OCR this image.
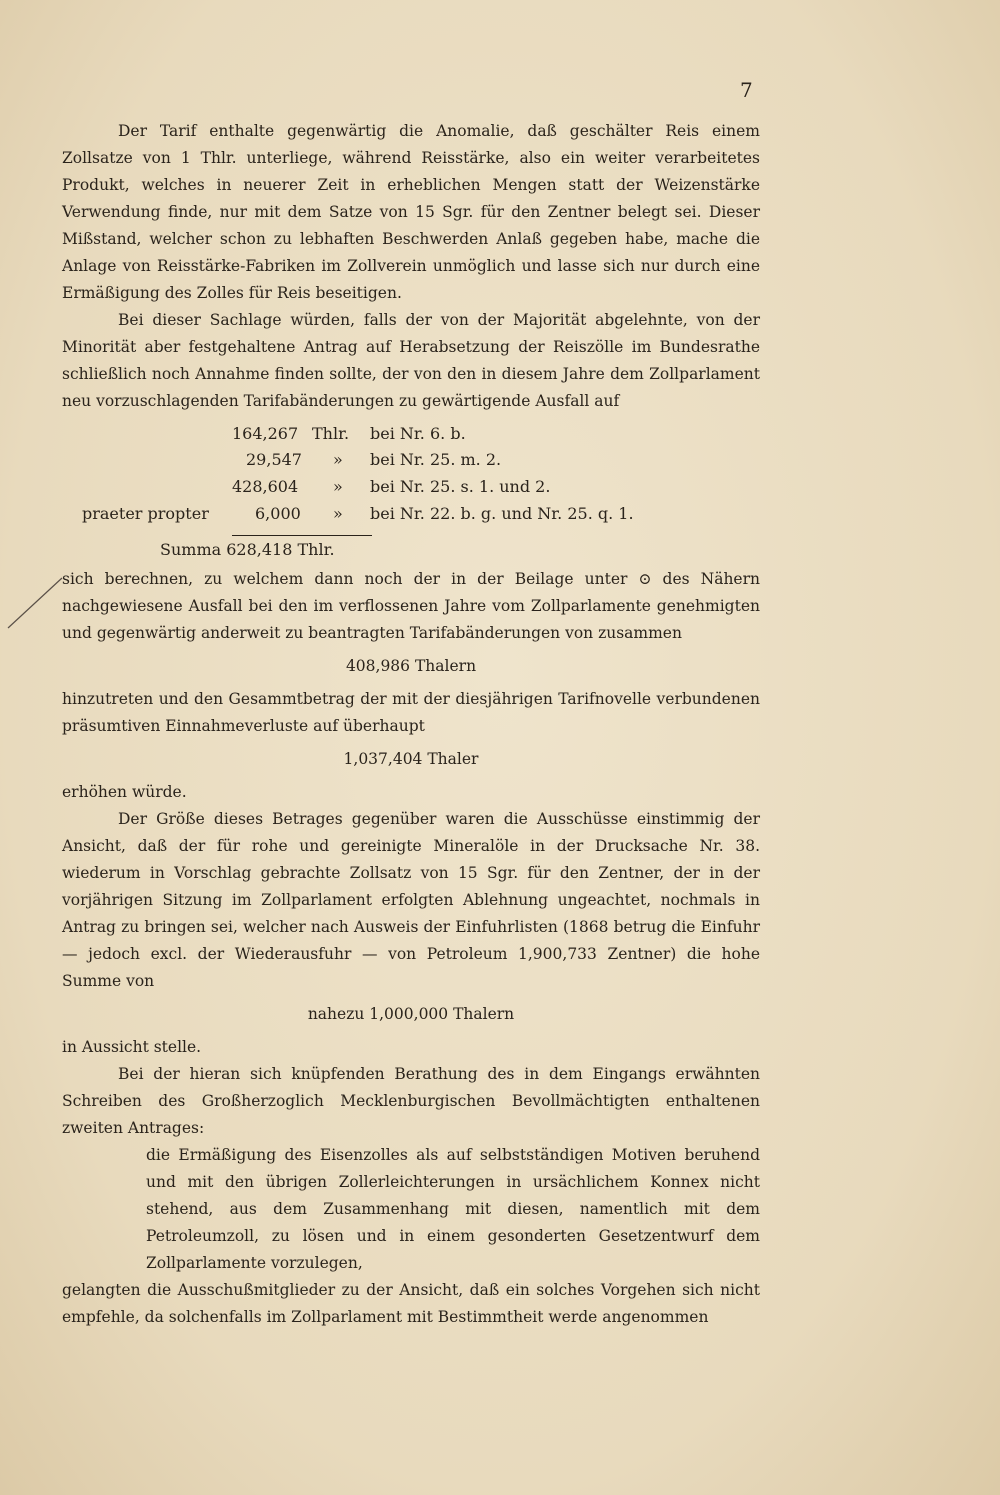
7

Der Tarif enthalte gegenwärtig die Anomalie, daß geschälter Reis einem Zollsatze von 1 Thlr. unterliege, während Reisstärke, also ein weiter verarbeitetes Produkt, welches in neuerer Zeit in erheblichen Mengen statt der Weizenstärke Verwendung finde, nur mit dem Satze von 15 Sgr. für den Zentner belegt sei. Dieser Mißstand, welcher schon zu lebhaften Beschwerden Anlaß gegeben habe, mache die Anlage von Reisstärke-Fabriken im Zollverein unmöglich und lasse sich nur durch eine Ermäßigung des Zolles für Reis beseitigen.

Bei dieser Sachlage würden, falls der von der Majorität abgelehnte, von der Minorität aber festgehaltene Antrag auf Herabsetzung der Reiszölle im Bundesrathe schließlich noch Annahme finden sollte, der von den in diesem Jahre dem Zollparlament neu vorzuschlagenden Tarifabänderungen zu gewärtigende Ausfall auf

164,267 Thlr. bei Nr. 6. b.
29,547 » bei Nr. 25. m. 2.
428,604 » bei Nr. 25. s. 1. und 2.
praeter propter	6,000 » bei Nr. 22. b. g. und Nr. 25. q. 1.
Summa 628,418 Thlr.

sich berechnen, zu welchem dann noch der in der Beilage unter ⊙ des Nähern nachgewiesene Ausfall bei den im verflossenen Jahre vom Zollparlamente genehmigten und gegenwärtig anderweit zu beantragten Tarifabänderungen von zusammen

408,986 Thalern

hinzutreten und den Gesammtbetrag der mit der diesjährigen Tarifnovelle verbundenen präsumtiven Einnahmeverluste auf überhaupt

1,037,404 Thaler

erhöhen würde.

Der Größe dieses Betrages gegenüber waren die Ausschüsse einstimmig der Ansicht, daß der für rohe und gereinigte Mineralöle in der Drucksache Nr. 38. wiederum in Vorschlag gebrachte Zollsatz von 15 Sgr. für den Zentner, der in der vorjährigen Sitzung im Zollparlament erfolgten Ablehnung ungeachtet, nochmals in Antrag zu bringen sei, welcher nach Ausweis der Einfuhrlisten (1868 betrug die Einfuhr — jedoch excl. der Wiederausfuhr — von Petroleum 1,900,733 Zentner) die hohe Summe von

nahezu 1,000,000 Thalern

in Aussicht stelle.

Bei der hieran sich knüpfenden Berathung des in dem Eingangs erwähnten Schreiben des Großherzoglich Mecklenburgischen Bevollmächtigten enthaltenen zweiten Antrages:

die Ermäßigung des Eisenzolles als auf selbstständigen Motiven beruhend und mit den übrigen Zollerleichterungen in ursächlichem Konnex nicht stehend, aus dem Zusammenhang mit diesen, namentlich mit dem Petroleumzoll, zu lösen und in einem gesonderten Gesetzentwurf dem Zollparlamente vorzulegen,

gelangten die Ausschußmitglieder zu der Ansicht, daß ein solches Vorgehen sich nicht empfehle, da solchenfalls im Zollparlament mit Bestimmtheit werde angenommen
